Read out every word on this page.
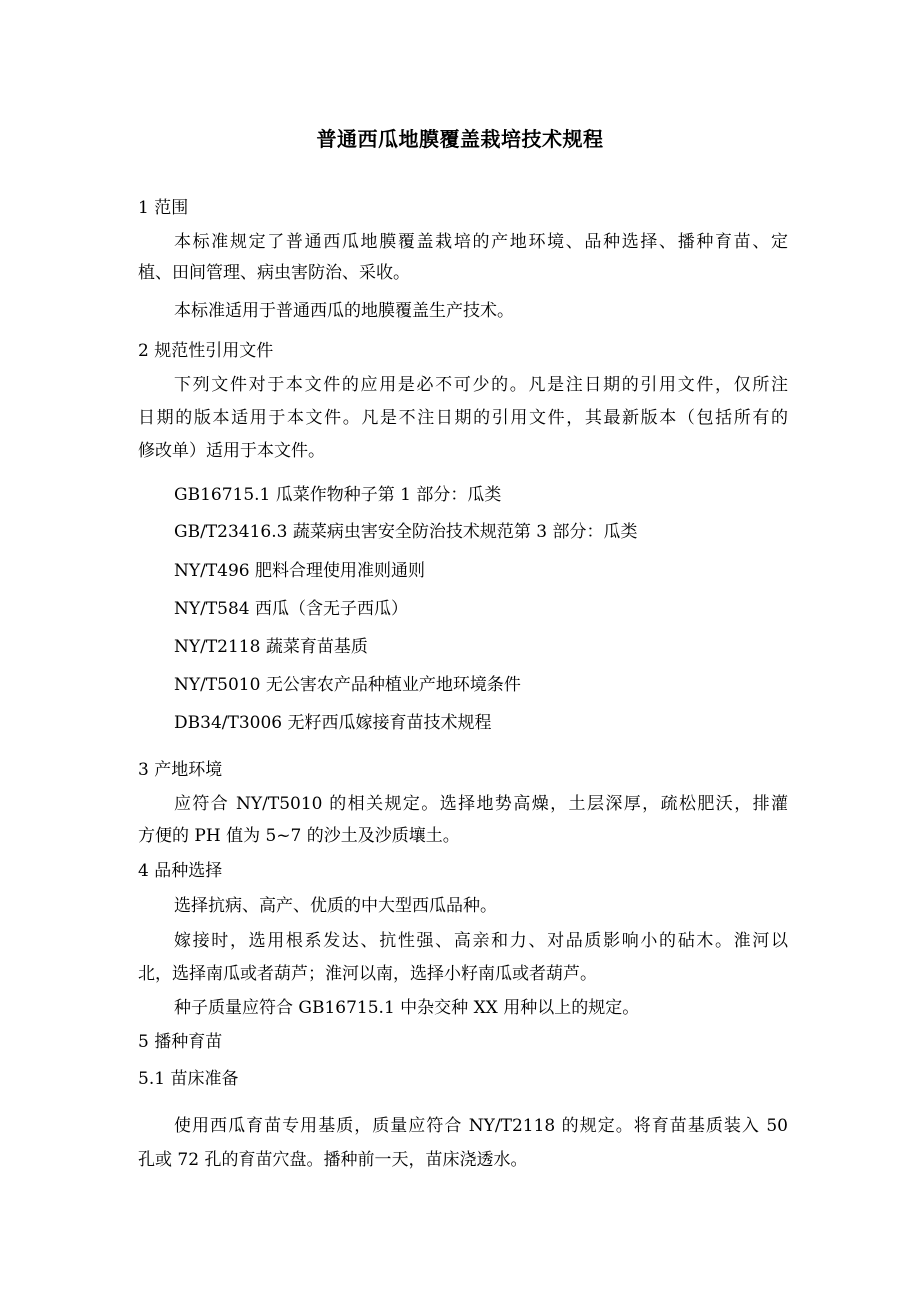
普通西瓜地膜覆盖栽培技术规程
1 范围
本标准规定了普通西瓜地膜覆盖栽培的产地环境、品种选择、播种育苗、定
植、田间管理、病虫害防治、采收。
本标准适用于普通西瓜的地膜覆盖生产技术。
2 规范性引用文件
下列文件对于本文件的应用是必不可少的。凡是注日期的引用文件，仅所注
日期的版本适用于本文件。凡是不注日期的引用文件，其最新版本（包括所有的
修改单）适用于本文件。
GB16715.1 瓜菜作物种子第 1 部分：瓜类
GB/T23416.3 蔬菜病虫害安全防治技术规范第 3 部分：瓜类
NY/T496 肥料合理使用准则通则
NY/T584 西瓜（含无子西瓜）
NY/T2118 蔬菜育苗基质
NY/T5010 无公害农产品种植业产地环境条件
DB34/T3006 无籽西瓜嫁接育苗技术规程
3 产地环境
应符合 NY/T5010 的相关规定。选择地势高燥，土层深厚，疏松肥沃，排灌
方便的 PH 值为 5~7 的沙土及沙质壤土。
4 品种选择
选择抗病、高产、优质的中大型西瓜品种。
嫁接时，选用根系发达、抗性强、高亲和力、对品质影响小的砧木。淮河以
北，选择南瓜或者葫芦；淮河以南，选择小籽南瓜或者葫芦。
种子质量应符合 GB16715.1 中杂交种 XX 用种以上的规定。
5 播种育苗
5.1 苗床准备
使用西瓜育苗专用基质，质量应符合 NY/T2118 的规定。将育苗基质装入 50
孔或 72 孔的育苗穴盘。播种前一天，苗床浇透水。
